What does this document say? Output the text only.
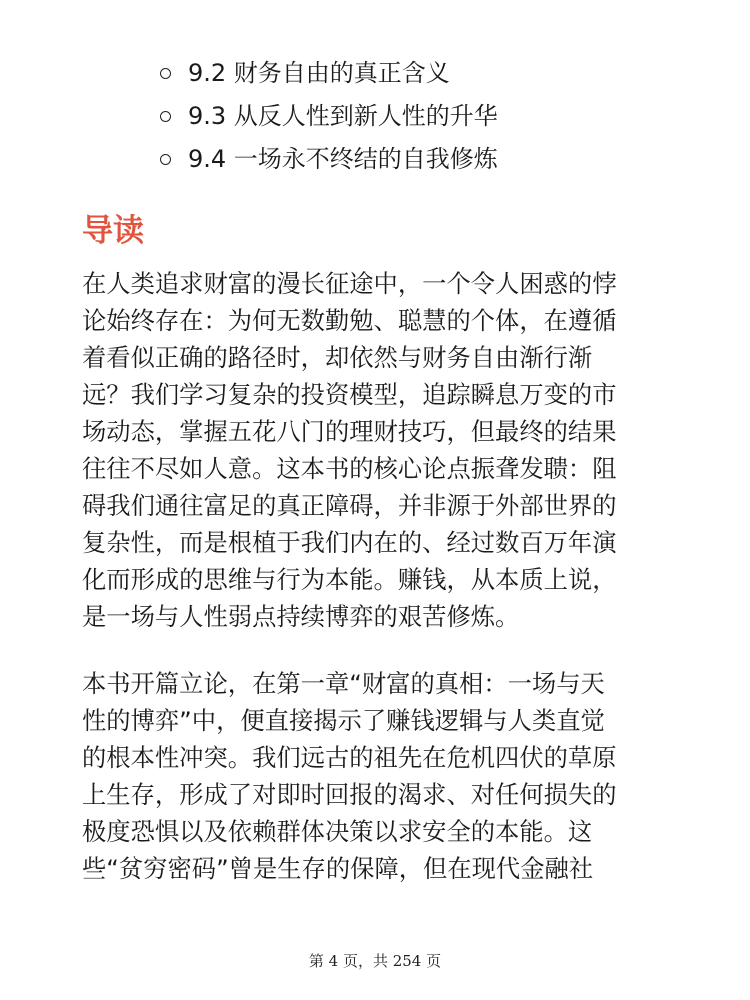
9.2 财务自由的真正含义
9.3 从反人性到新人性的升华
9.4 一场永不终结的自我修炼
导读

在人类追求财富的漫长征途中，一个令人困惑的悖
论始终存在：为何无数勤勉、聪慧的个体，在遵循
着看似正确的路径时，却依然与财务自由渐行渐
远？我们学习复杂的投资模型，追踪瞬息万变的市
场动态，掌握五花八门的理财技巧，但最终的结果
往往不尽如人意。这本书的核心论点振聋发聩：阻
碍我们通往富足的真正障碍，并非源于外部世界的
复杂性，而是根植于我们内在的、经过数百万年演
化而形成的思维与行为本能。赚钱，从本质上说，
是一场与人性弱点持续博弈的艰苦修炼。

本书开篇立论，在第一章“财富的真相：一场与天
性的博弈”中，便直接揭示了赚钱逻辑与人类直觉
的根本性冲突。我们远古的祖先在危机四伏的草原
上生存，形成了对即时回报的渴求、对任何损失的
极度恐惧以及依赖群体决策以求安全的本能。这
些“贫穷密码”曾是生存的保障，但在现代金融社

第 4 页，共 254 页
